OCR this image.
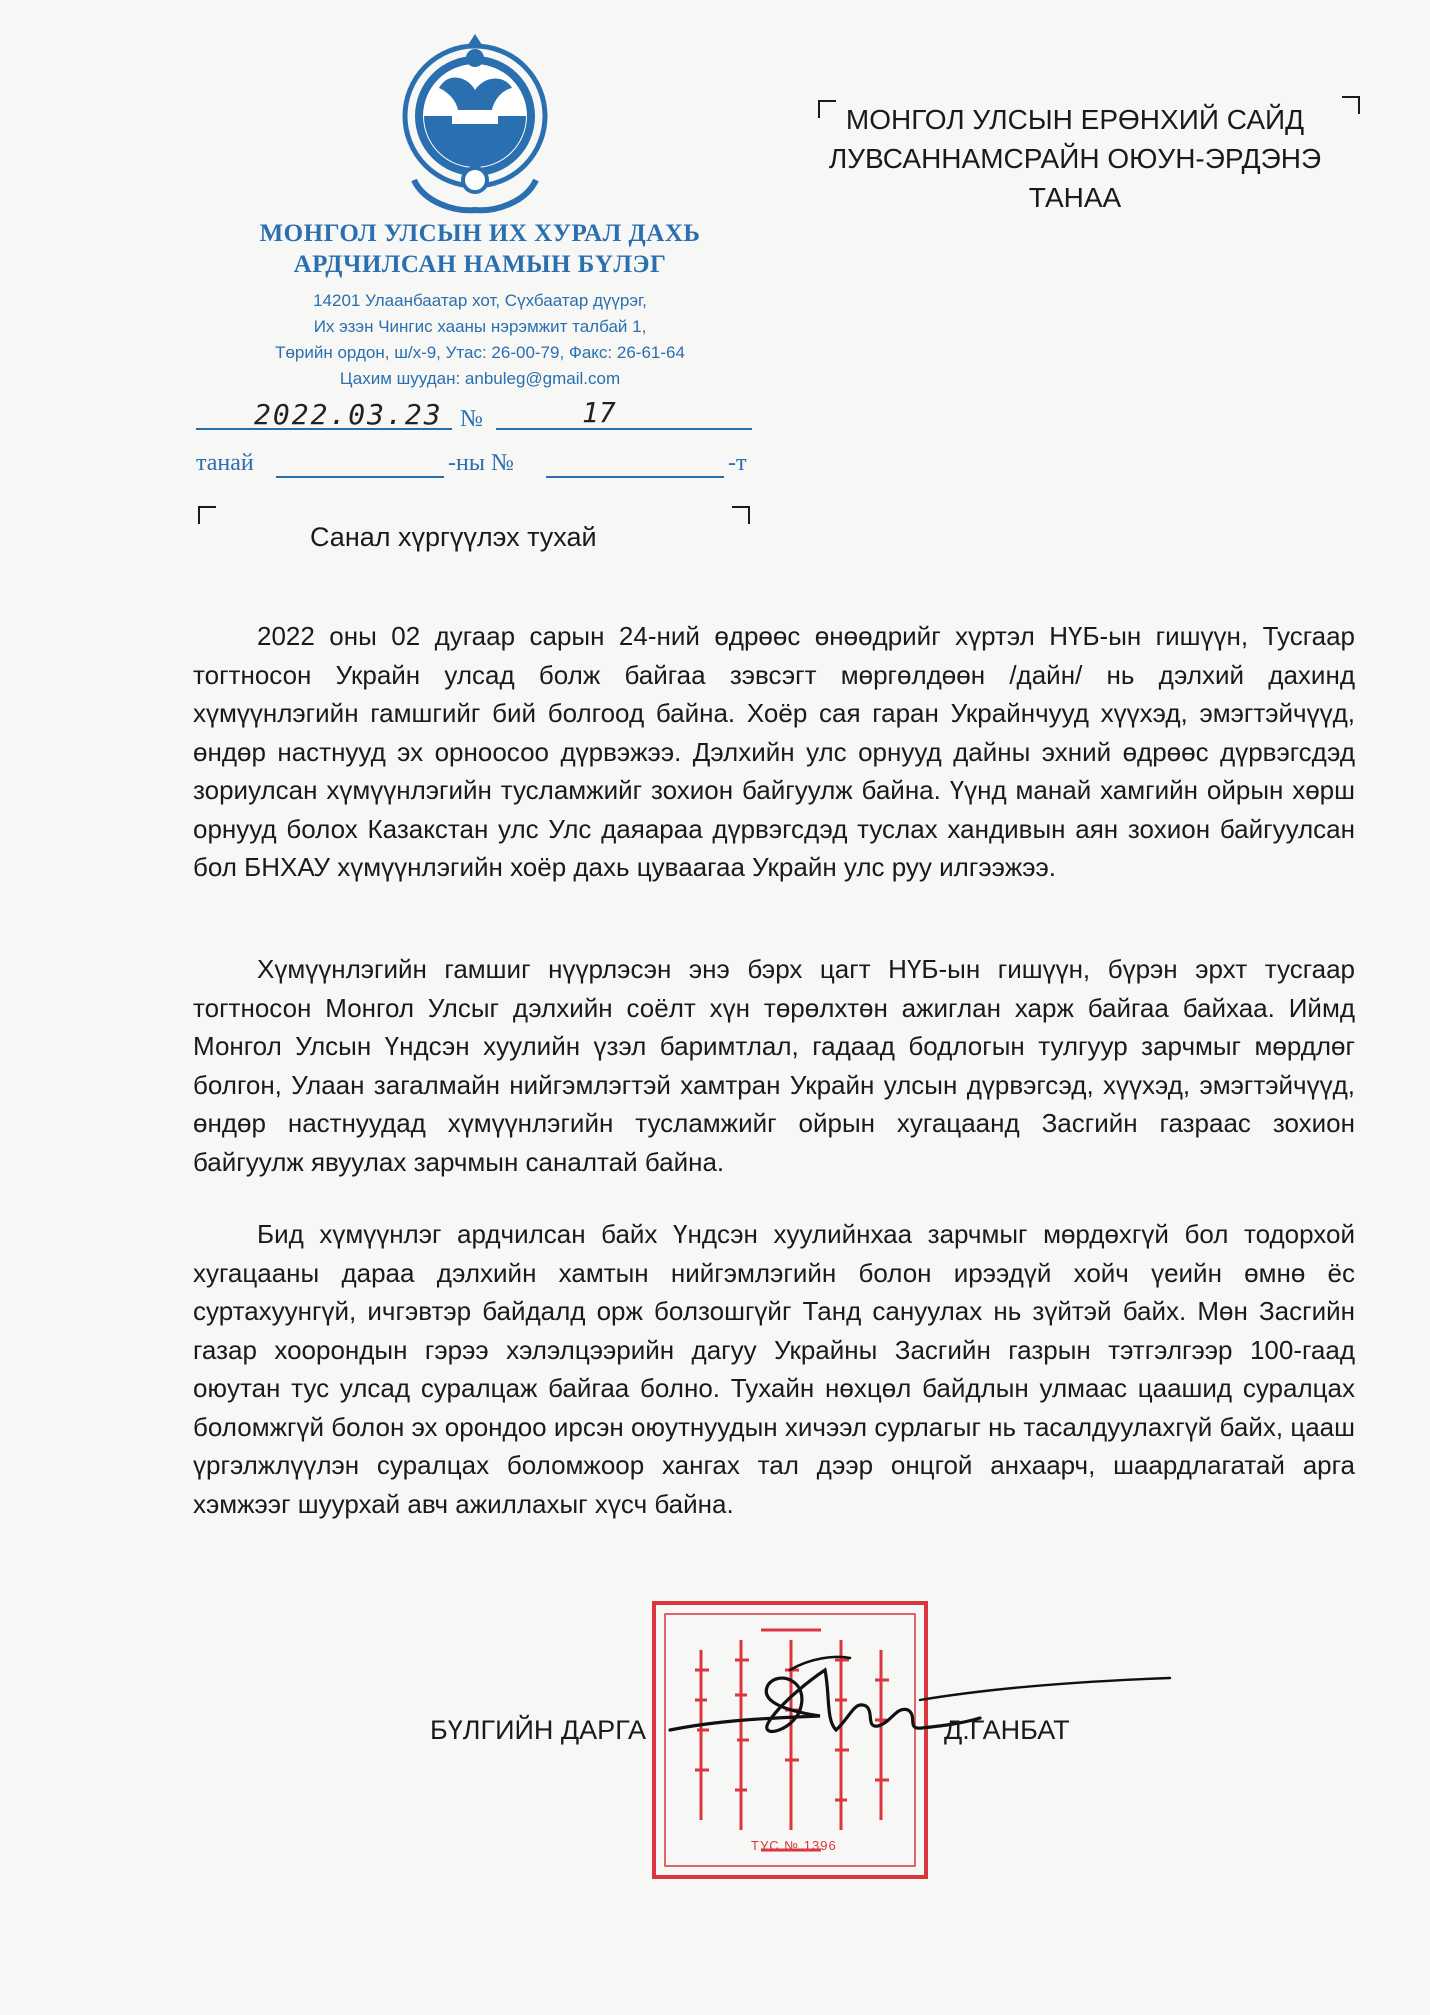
МОНГОЛ УЛСЫН ИХ ХУРАЛ ДАХЬ
АРДЧИЛСАН НАМЫН БҮЛЭГ
14201 Улаанбаатар хот, Сүхбаатар дүүрэг,
Их эзэн Чингис хааны нэрэмжит талбай 1,
Төрийн ордон, ш/х-9, Утас: 26-00-79, Факс: 26-61-64
Цахим шуудан: anbuleg@gmail.com
2022.03.23 №	17
танай	-ны №	-т
МОНГОЛ УЛСЫН ЕРӨНХИЙ САЙД
ЛУВСАННАМСРАЙН ОЮУН-ЭРДЭНЭ
ТАНАА
Санал хүргүүлэх тухай

2022 оны 02 дугаар сарын 24-ний өдрөөс өнөөдрийг хүртэл НҮБ-ын гишүүн, Тусгаар тогтносон Украйн улсад болж байгаа зэвсэгт мөргөлдөөн /дайн/ нь дэлхий дахинд хүмүүнлэгийн гамшгийг бий болгоод байна. Хоёр сая гаран Украйнчууд хүүхэд, эмэгтэйчүүд, өндөр настнууд эх орноосоо дүрвэжээ. Дэлхийн улс орнууд дайны эхний өдрөөс дүрвэгсдэд зориулсан хүмүүнлэгийн тусламжийг зохион байгуулж байна. Үүнд манай хамгийн ойрын хөрш орнууд болох Казакстан улс Улс даяараа дүрвэгсдэд туслах хандивын аян зохион байгуулсан бол БНХАУ хүмүүнлэгийн хоёр дахь цуваагаа Украйн улс руу илгээжээ.

Хүмүүнлэгийн гамшиг нүүрлэсэн энэ бэрх цагт НҮБ-ын гишүүн, бүрэн эрхт тусгаар тогтносон Монгол Улсыг дэлхийн соёлт хүн төрөлхтөн ажиглан харж байгаа байхаа. Иймд Монгол Улсын Үндсэн хуулийн үзэл баримтлал, гадаад бодлогын тулгуур зарчмыг мөрдлөг болгон, Улаан загалмайн нийгэмлэгтэй хамтран Украйн улсын дүрвэгсэд, хүүхэд, эмэгтэйчүүд, өндөр настнуудад хүмүүнлэгийн тусламжийг ойрын хугацаанд Засгийн газраас зохион байгуулж явуулах зарчмын саналтай байна.

Бид хүмүүнлэг ардчилсан байх Үндсэн хуулийнхаа зарчмыг мөрдөхгүй бол тодорхой хугацааны дараа дэлхийн хамтын нийгэмлэгийн болон ирээдүй хойч үеийн өмнө ёс суртахуунгүй, ичгэвтэр байдалд орж болзошгүйг Танд сануулах нь зүйтэй байх. Мөн Засгийн газар хоорондын гэрээ хэлэлцээрийн дагуу Украйны Засгийн газрын тэтгэлгээр 100-гаад оюутан тус улсад суралцаж байгаа болно. Тухайн нөхцөл байдлын улмаас цаашид суралцах боломжгүй болон эх орондоо ирсэн оюутнуудын хичээл сурлагыг нь тасалдуулахгүй байх, цааш үргэлжлүүлэн суралцах боломжоор хангах тал дээр онцгой анхаарч, шаардлагатай арга хэмжээг шуурхай авч ажиллахыг хүсч байна.

ТУС № 1396
БҮЛГИЙН ДАРГА	Д.ГАНБАТ
